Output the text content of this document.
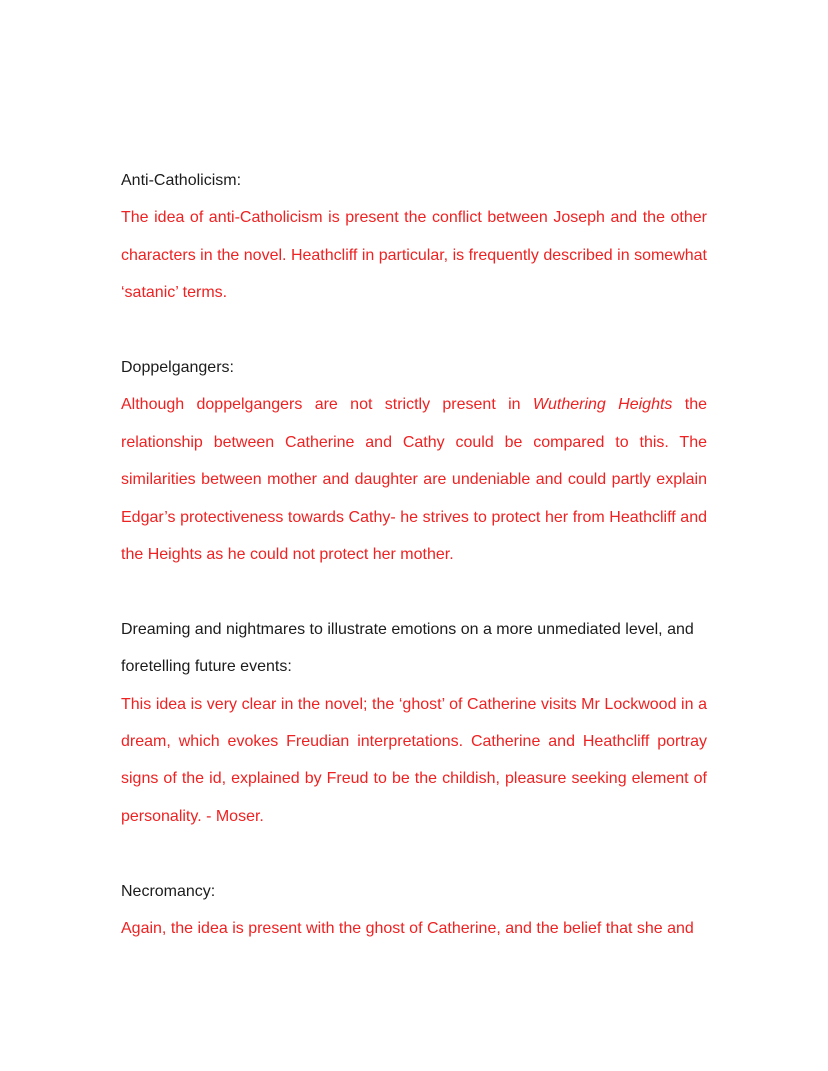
Anti-Catholicism:

The idea of anti-Catholicism is present the conflict between Joseph and the other characters in the novel. Heathcliff in particular, is frequently described in somewhat ‘satanic’ terms.

Doppelgangers:

Although doppelgangers are not strictly present in Wuthering Heights the relationship between Catherine and Cathy could be compared to this. The similarities between mother and daughter are undeniable and could partly explain Edgar’s protectiveness towards Cathy- he strives to protect her from Heathcliff and the Heights as he could not protect her mother.

Dreaming and nightmares to illustrate emotions on a more unmediated level, and foretelling future events:

This idea is very clear in the novel; the ‘ghost’ of Catherine visits Mr Lockwood in a dream, which evokes Freudian interpretations. Catherine and Heathcliff portray signs of the id, explained by Freud to be the childish, pleasure seeking element of personality. - Moser.

Necromancy:

Again, the idea is present with the ghost of Catherine, and the belief that she and
